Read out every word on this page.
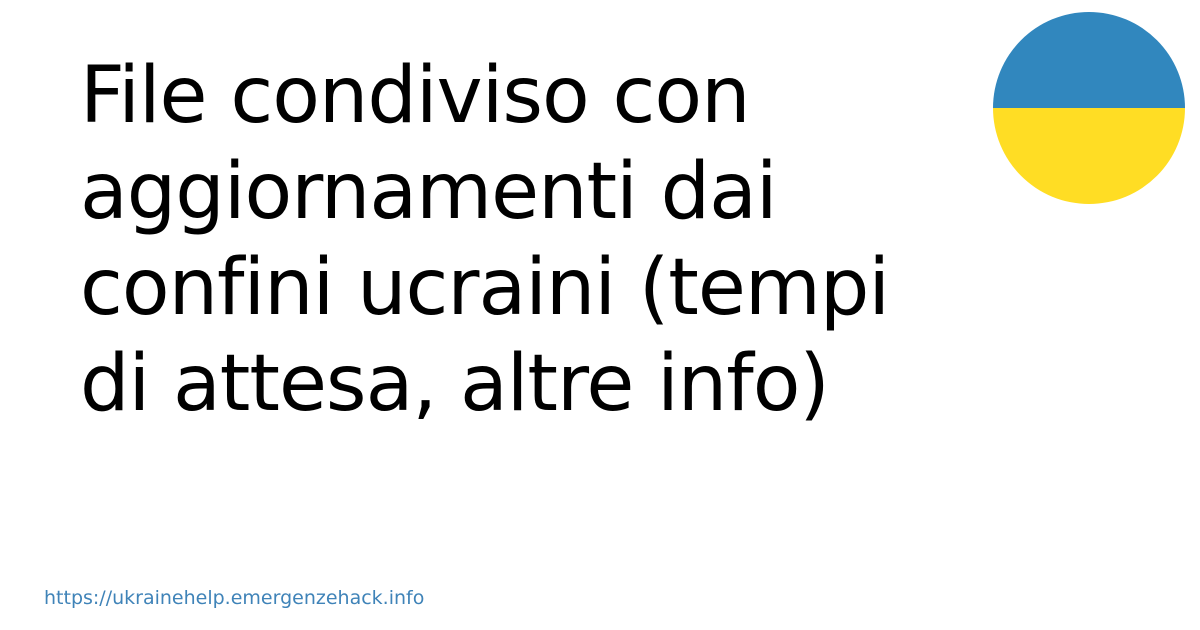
File condiviso con aggiornamenti dai confini ucraini (tempi di attesa, altre info)
https://ukrainehelp.emergenzehack.info
